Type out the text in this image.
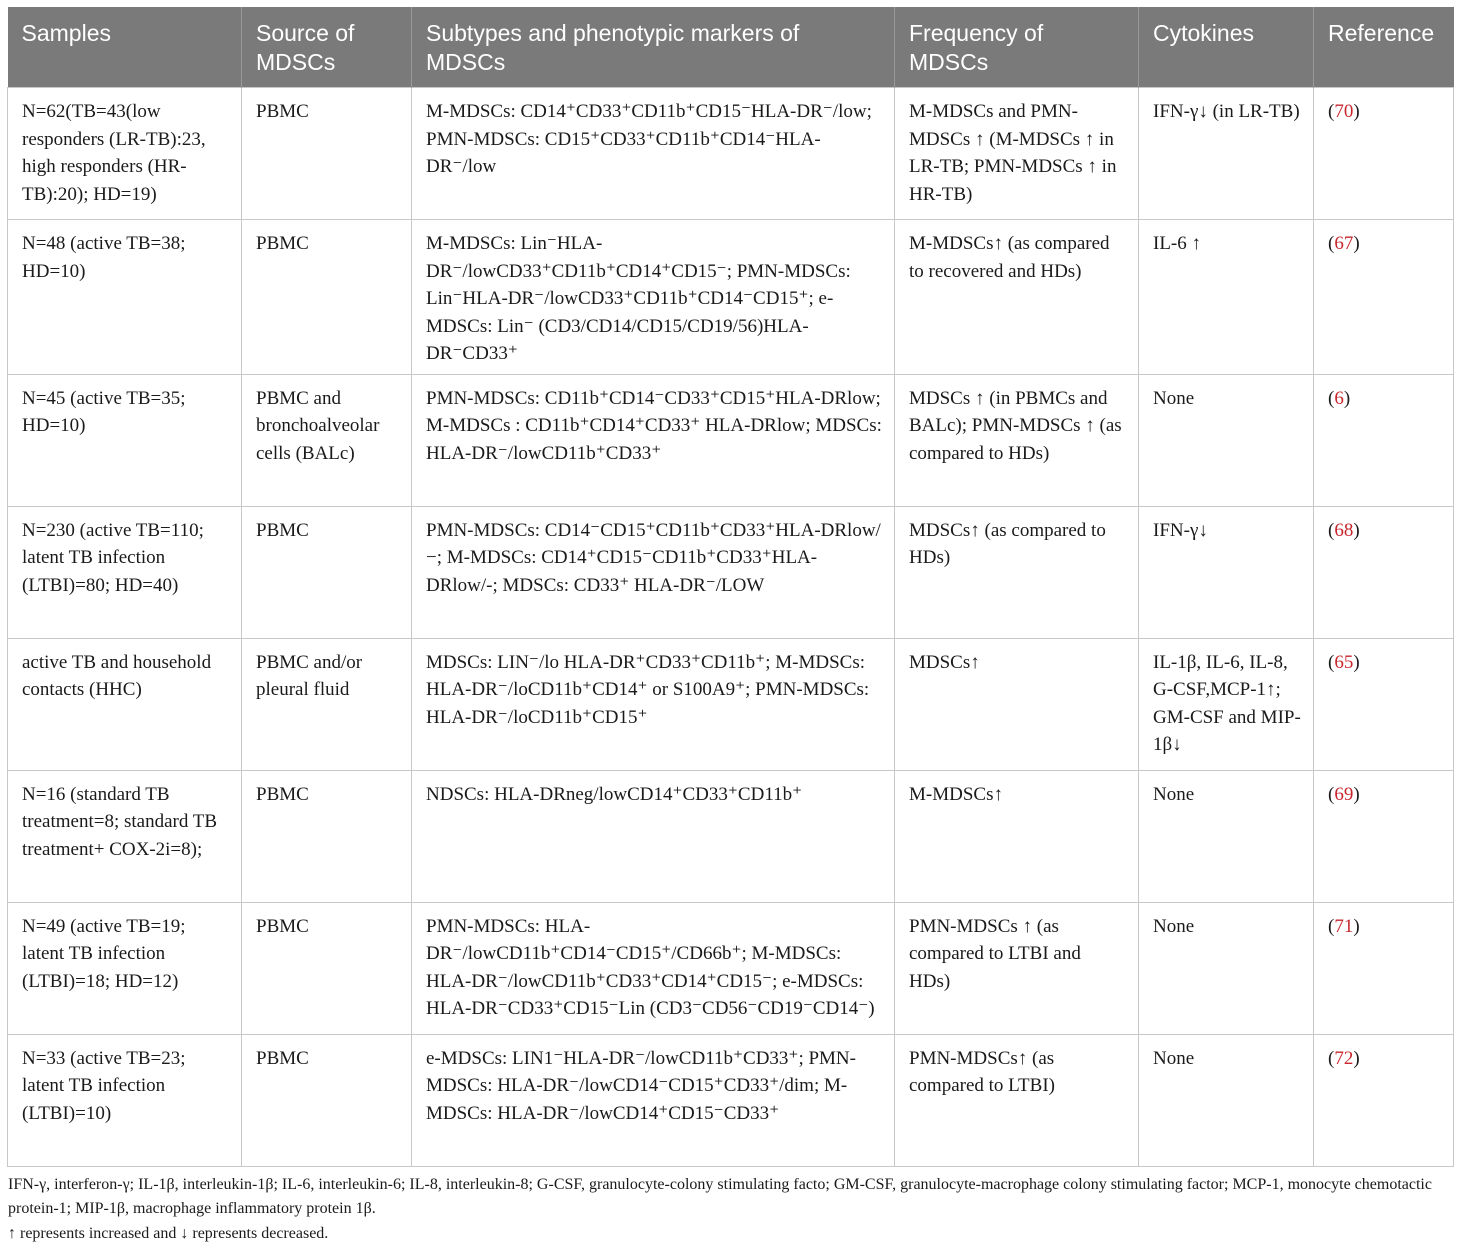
Samples	Source of MDSCs	Subtypes and phenotypic markers of MDSCs	Frequency of MDSCs	Cytokines	Reference
N=62(TB=43(low responders (LR-TB):23, high responders (HR-TB):20); HD=19)	PBMC	M-MDSCs: CD14⁺CD33⁺CD11b⁺CD15⁻HLA-DR⁻/low; PMN-MDSCs: CD15⁺CD33⁺CD11b⁺CD14⁻HLA-DR⁻/low	M-MDSCs and PMN-MDSCs ↑ (M-MDSCs ↑ in LR-TB; PMN-MDSCs ↑ in HR-TB)	IFN-γ↓ (in LR-TB)	(70)
N=48 (active TB=38; HD=10)	PBMC	M-MDSCs: Lin⁻HLA-DR⁻/lowCD33⁺CD11b⁺CD14⁺CD15⁻; PMN-MDSCs: Lin⁻HLA-DR⁻/lowCD33⁺CD11b⁺CD14⁻CD15⁺; e-MDSCs: Lin⁻ (CD3/CD14/CD15/CD19/56)HLA-DR⁻CD33⁺	M-MDSCs↑ (as compared to recovered and HDs)	IL-6 ↑	(67)
N=45 (active TB=35; HD=10)	PBMC and bronchoalveolar cells (BALc)	PMN-MDSCs: CD11b⁺CD14⁻CD33⁺CD15⁺HLA-DRlow; M-MDSCs : CD11b⁺CD14⁺CD33⁺ HLA-DRlow; MDSCs: HLA-DR⁻/lowCD11b⁺CD33⁺	MDSCs ↑ (in PBMCs and BALc); PMN-MDSCs ↑ (as compared to HDs)	None	(6)
N=230 (active TB=110; latent TB infection (LTBI)=80; HD=40)	PBMC	PMN-MDSCs: CD14⁻CD15⁺CD11b⁺CD33⁺HLA-DRlow/−; M-MDSCs: CD14⁺CD15⁻CD11b⁺CD33⁺HLA-DRlow/-; MDSCs: CD33⁺ HLA-DR⁻/LOW	MDSCs↑ (as compared to HDs)	IFN-γ↓	(68)
active TB and household contacts (HHC)	PBMC and/or pleural fluid	MDSCs: LIN⁻/lo HLA-DR⁺CD33⁺CD11b⁺; M-MDSCs: HLA-DR⁻/loCD11b⁺CD14⁺ or S100A9⁺; PMN-MDSCs: HLA-DR⁻/loCD11b⁺CD15⁺	MDSCs↑	IL-1β, IL-6, IL-8, G-CSF,MCP-1↑; GM-CSF and MIP-1β↓	(65)
N=16 (standard TB treatment=8; standard TB treatment+ COX-2i=8);	PBMC	NDSCs: HLA-DRneg/lowCD14⁺CD33⁺CD11b⁺	M-MDSCs↑	None	(69)
N=49 (active TB=19; latent TB infection (LTBI)=18; HD=12)	PBMC	PMN-MDSCs: HLA-DR⁻/lowCD11b⁺CD14⁻CD15⁺/CD66b⁺; M-MDSCs: HLA-DR⁻/lowCD11b⁺CD33⁺CD14⁺CD15⁻; e-MDSCs: HLA-DR⁻CD33⁺CD15⁻Lin (CD3⁻CD56⁻CD19⁻CD14⁻)	PMN-MDSCs ↑ (as compared to LTBI and HDs)	None	(71)
N=33 (active TB=23; latent TB infection (LTBI)=10)	PBMC	e-MDSCs: LIN1⁻HLA-DR⁻/lowCD11b⁺CD33⁺; PMN-MDSCs: HLA-DR⁻/lowCD14⁻CD15⁺CD33⁺/dim; M-MDSCs: HLA-DR⁻/lowCD14⁺CD15⁻CD33⁺	PMN-MDSCs↑ (as compared to LTBI)	None	(72)
IFN-γ, interferon-γ; IL-1β, interleukin-1β; IL-6, interleukin-6; IL-8, interleukin-8; G-CSF, granulocyte-colony stimulating facto; GM-CSF, granulocyte-macrophage colony stimulating factor; MCP-1, monocyte chemotactic protein-1; MIP-1β, macrophage inflammatory protein 1β.
↑ represents increased and ↓ represents decreased.
